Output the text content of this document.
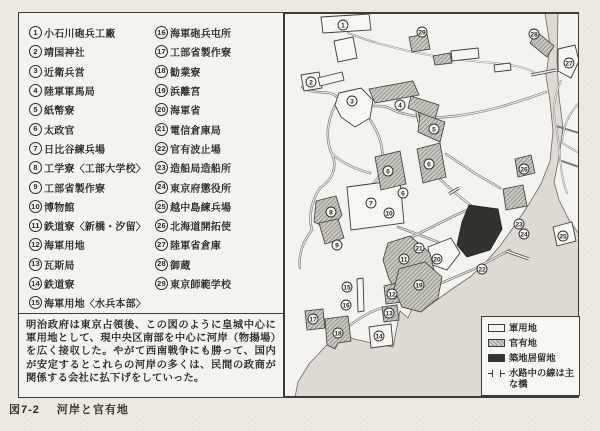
1 小石川砲兵工廠
2 靖国神社
3 近衛兵営
4 陸軍軍馬局
5 紙幣寮
6 太政官
7 日比谷練兵場
8 工学寮〈工部大学校〉
9 工部省製作寮
10 博物館
11 鉄道寮〈新橋・汐留〉
12 海軍用地
13 瓦斯局
14 鉄道寮
15 海軍用地〈水兵本部〉
16 海軍砲兵屯所
17 工部省製作寮
18 勧業寮
19 浜離宮
20 海軍省
21 電信倉庫局
22 官有波止場
23 造船局造船所
24 東京府懲役所
25 越中島練兵場
26 北海道開拓使
27 陸軍省倉庫
28 御蔵
29 東京師範学校
明治政府は東京占領後、この図のように皇城中心に軍用地として、現中央区南部を中心に河岸（物揚場）を広く接収した。やがて西南戦争にも勝って、国内が安定するとこれらの河岸の多くは、民間の政商が関係する会社に払下げをしていった。
1
29	28
27
2
3
4
5
6
6
26
6
7
8	10
23
24	25
9	21
11	20
22
19
15
12
16
13
17
18	14
軍用地
官有地
築地居留地
水路中の線は主な橋
図7-2 河岸と官有地
